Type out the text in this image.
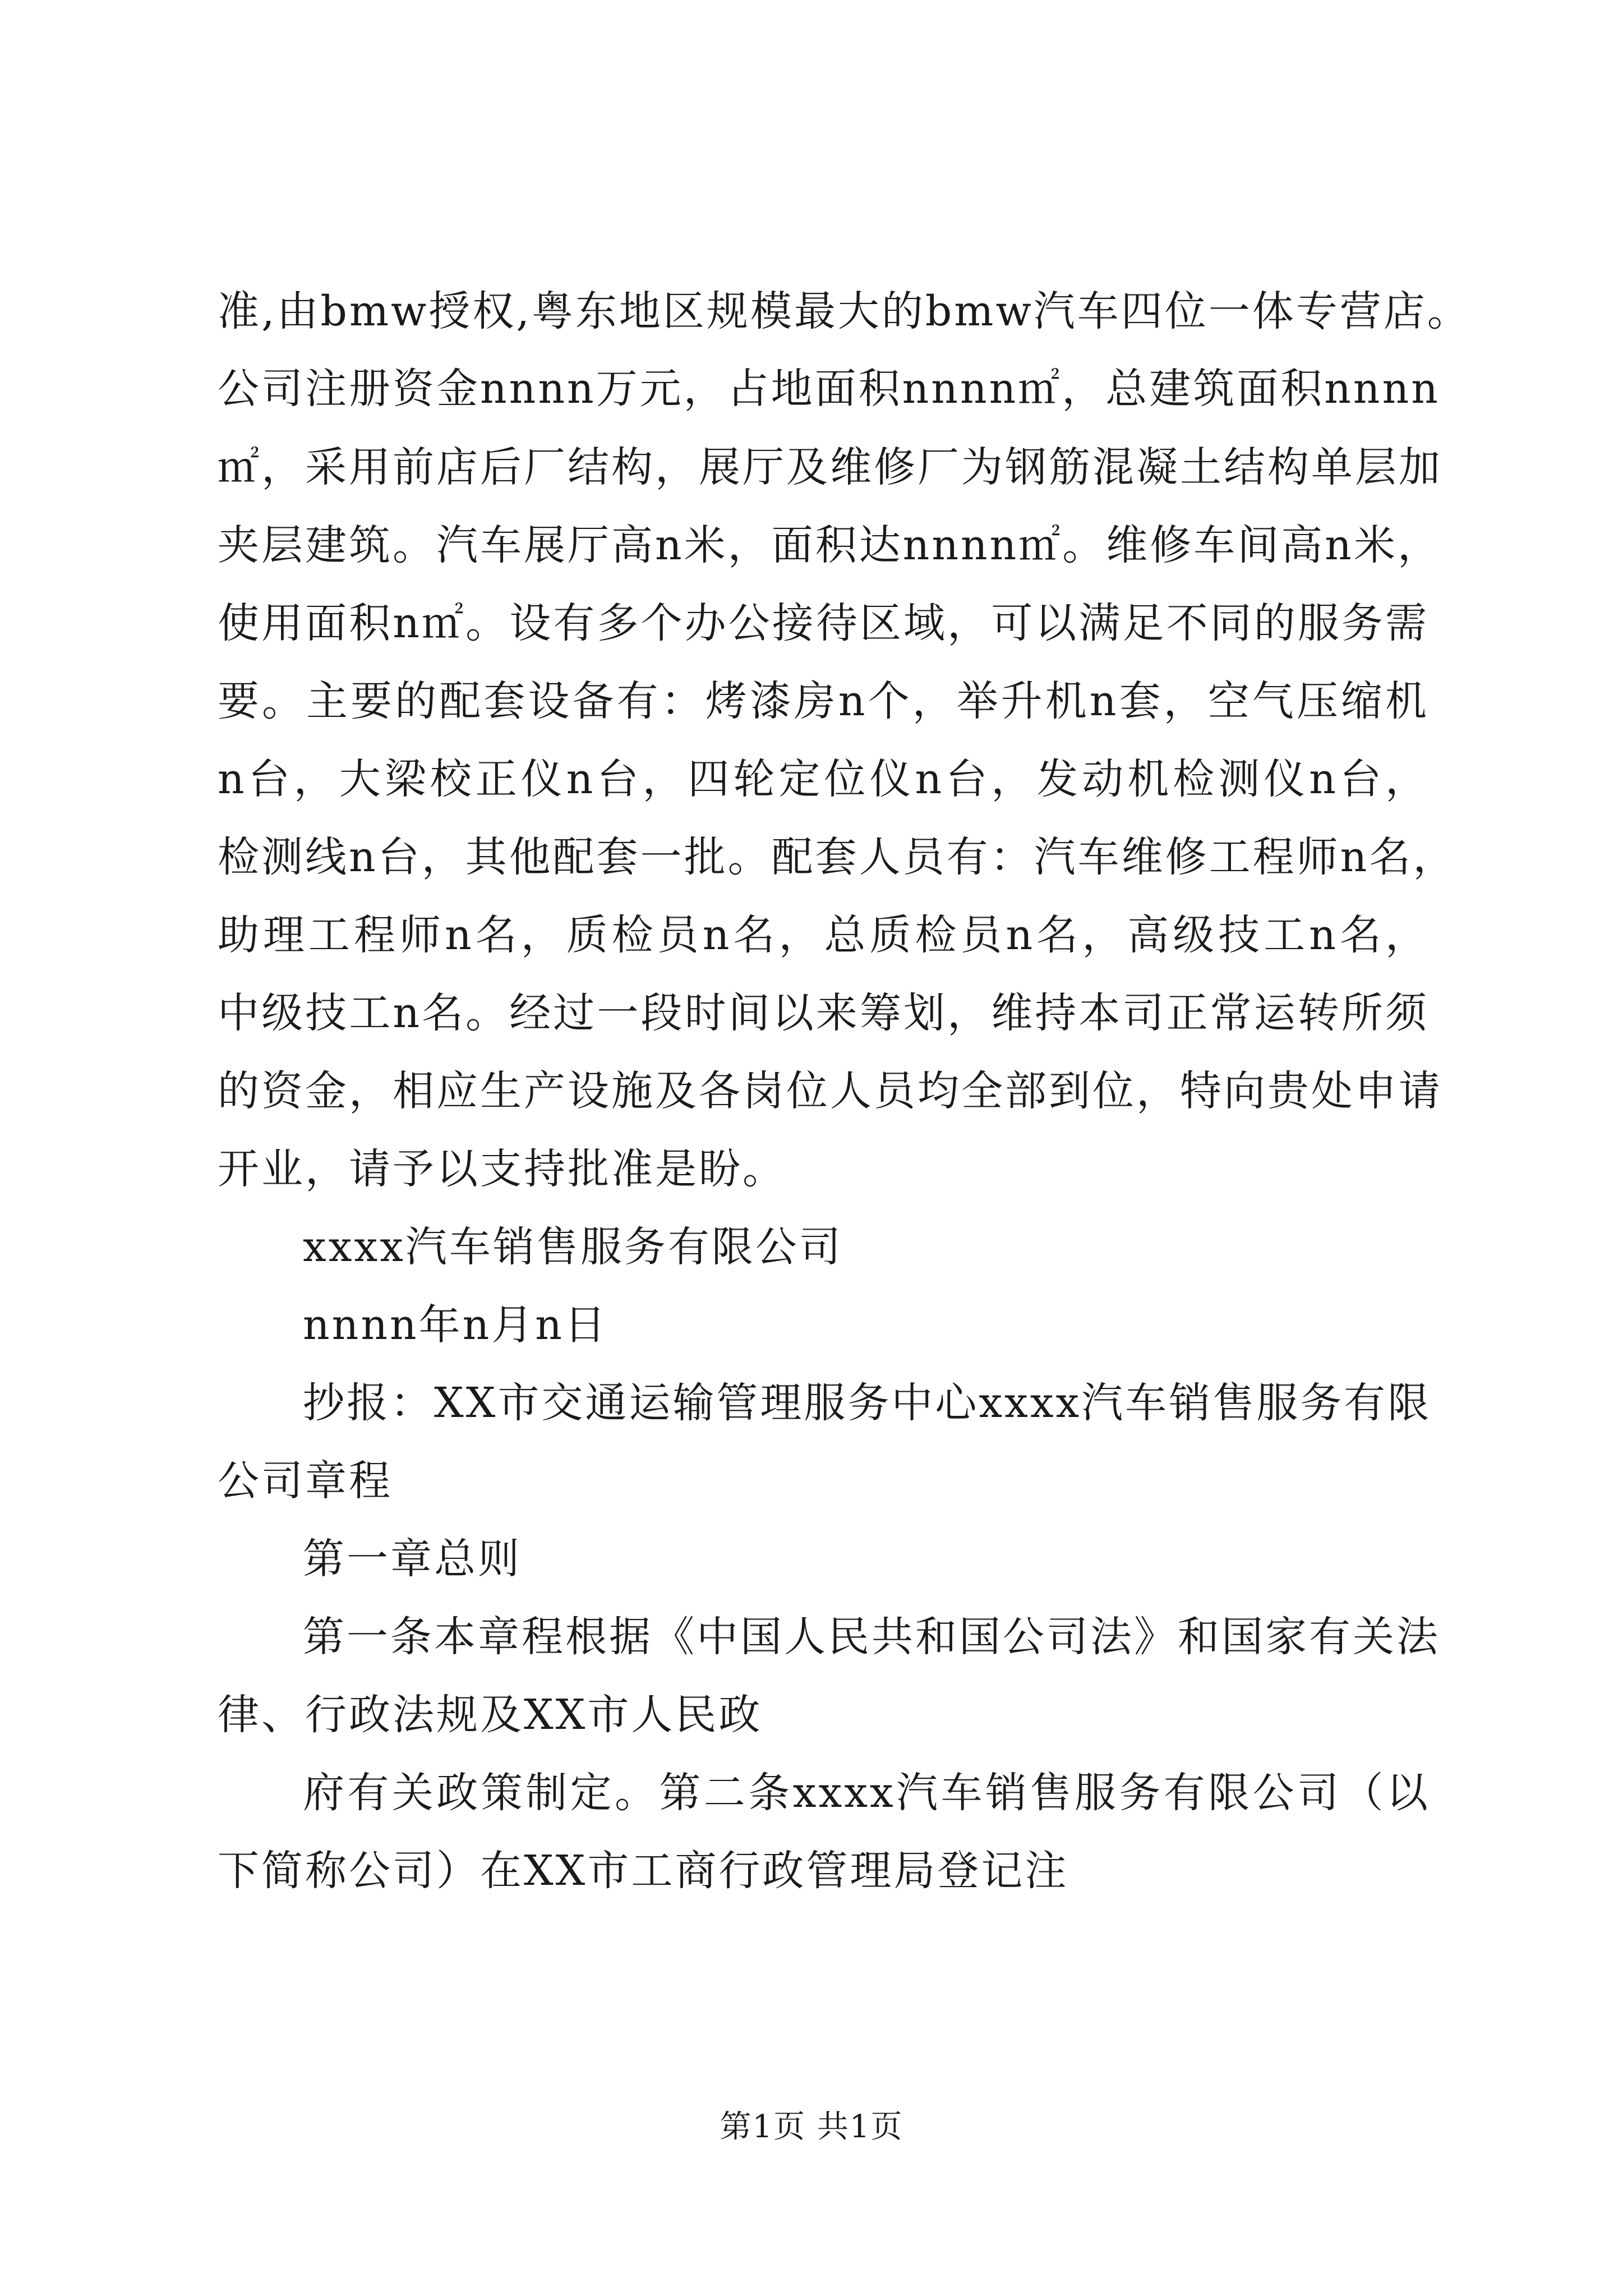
准,由bmw授权,粤东地区规模最大的bmw汽车四位一体专营店。
公司注册资金nnnn万元，占地面积nnnn㎡，总建筑面积nnnn
㎡，采用前店后厂结构，展厅及维修厂为钢筋混凝土结构单层加
夹层建筑。汽车展厅高n米，面积达nnnn㎡。维修车间高n米，
使用面积n㎡。设有多个办公接待区域，可以满足不同的服务需
要。主要的配套设备有：烤漆房n个，举升机n套，空气压缩机
n台，大梁校正仪n台，四轮定位仪n台，发动机检测仪n台，
检测线n台，其他配套一批。配套人员有：汽车维修工程师n名，
助理工程师n名，质检员n名，总质检员n名，高级技工n名，
中级技工n名。经过一段时间以来筹划，维持本司正常运转所须
的资金，相应生产设施及各岗位人员均全部到位，特向贵处申请
开业，请予以支持批准是盼。
xxxx汽车销售服务有限公司
nnnn年n月n日
抄报：XX市交通运输管理服务中心xxxx汽车销售服务有限
公司章程
第一章总则
第一条本章程根据《中国人民共和国公司法》和国家有关法
律、行政法规及XX市人民政
府有关政策制定。第二条xxxx汽车销售服务有限公司（以
下简称公司）在XX市工商行政管理局登记注
第1页 共1页
